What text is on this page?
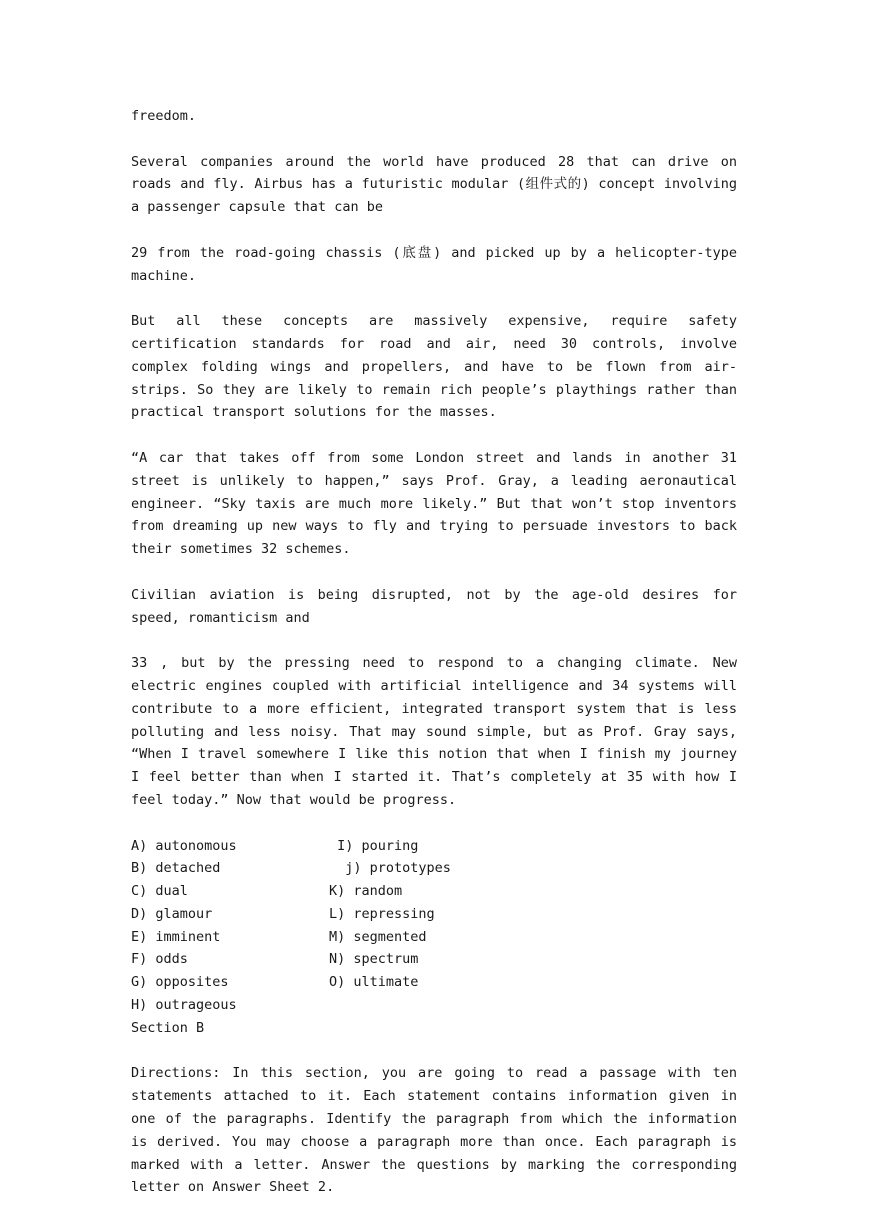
freedom.

Several companies around the world have produced 28 that can drive on roads and fly. Airbus has a futuristic modular (组件式的) concept involving a passenger capsule that can be

29 from the road-going chassis (底盘) and picked up by a helicopter-type machine.

But all these concepts are massively expensive, require safety certification standards for road and air, need 30 controls, involve complex folding wings and propellers, and have to be flown from air-strips. So they are likely to remain rich people’s playthings rather than practical transport solutions for the masses.

“A car that takes off from some London street and lands in another 31 street is unlikely to happen,” says Prof. Gray, a leading aeronautical engineer. “Sky taxis are much more likely.” But that won’t stop inventors from dreaming up new ways to fly and trying to persuade investors to back their sometimes 32 schemes.

Civilian aviation is being disrupted, not by the age-old desires for speed, romanticism and

33 , but by the pressing need to respond to a changing climate. New electric engines coupled with artificial intelligence and 34 systems will contribute to a more efficient, integrated transport system that is less polluting and less noisy. That may sound simple, but as Prof. Gray says, “When I travel somewhere I like this notion that when I finish my journey I feel better than when I started it. That’s completely at 35 with how I feel today.” Now that would be progress.

A) autonomous	I) pouring
B) detached	j) prototypes
C) dual	K) random
D) glamour	L) repressing
E) imminent	M) segmented
F) odds	N) spectrum
G) opposites	O) ultimate
H) outrageous
Section B

Directions: In this section, you are going to read a passage with ten statements attached to it. Each statement contains information given in one of the paragraphs. Identify the paragraph from which the information is derived. You may choose a paragraph more than once. Each paragraph is marked with a letter. Answer the questions by marking the corresponding letter on Answer Sheet 2.
